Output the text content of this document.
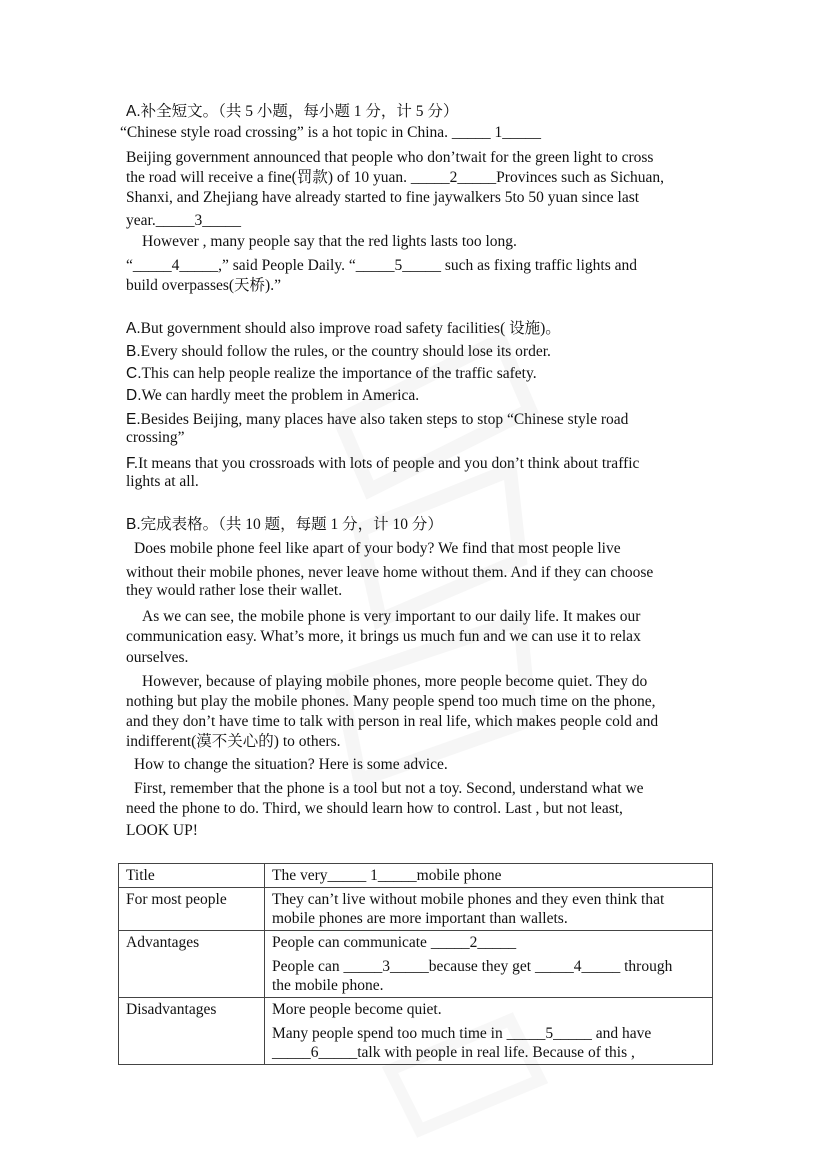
A.补全短文。（共 5 小题，每小题 1 分，计 5 分）
“Chinese style road crossing” is a hot topic in China. _____ 1_____
Beijing government announced that people who don’twait for the green light to cross
the road will receive a fine(罚款) of 10 yuan. _____2_____Provinces such as Sichuan,
Shanxi, and Zhejiang have already started to fine jaywalkers 5to 50 yuan since last
year._____3_____
However , many people say that the red lights lasts too long.
“_____4_____,” said People Daily. “_____5_____ such as fixing traffic lights and
build overpasses(天桥).”
A.But government should also improve road safety facilities( 设施)。
B.Every should follow the rules, or the country should lose its order.
C.This can help people realize the importance of the traffic safety.
D.We can hardly meet the problem in America.
E.Besides Beijing, many places have also taken steps to stop “Chinese style road
crossing”
F.It means that you crossroads with lots of people and you don’t think about traffic
lights at all.
B.完成表格。（共 10 题，每题 1 分，计 10 分）
Does mobile phone feel like apart of your body? We find that most people live
without their mobile phones, never leave home without them. And if they can choose
they would rather lose their wallet.
As we can see, the mobile phone is very important to our daily life. It makes our
communication easy. What’s more, it brings us much fun and we can use it to relax
ourselves.
However, because of playing mobile phones, more people become quiet. They do
nothing but play the mobile phones. Many people spend too much time on the phone,
and they don’t have time to talk with person in real life, which makes people cold and
indifferent(漠不关心的) to others.
How to change the situation? Here is some advice.
First, remember that the phone is a tool but not a toy. Second, understand what we
need the phone to do. Third, we should learn how to control. Last , but not least,
LOOK UP!
Title	The very_____ 1_____mobile phone

For most people	They can’t live without mobile phones and they even think that
mobile phones are more important than wallets.

Advantages	People can communicate _____2_____

People can _____3_____because they get _____4_____ through
the mobile phone.

Disadvantages	More people become quiet.

Many people spend too much time in _____5_____ and have
_____6_____talk with people in real life. Because of this ,
